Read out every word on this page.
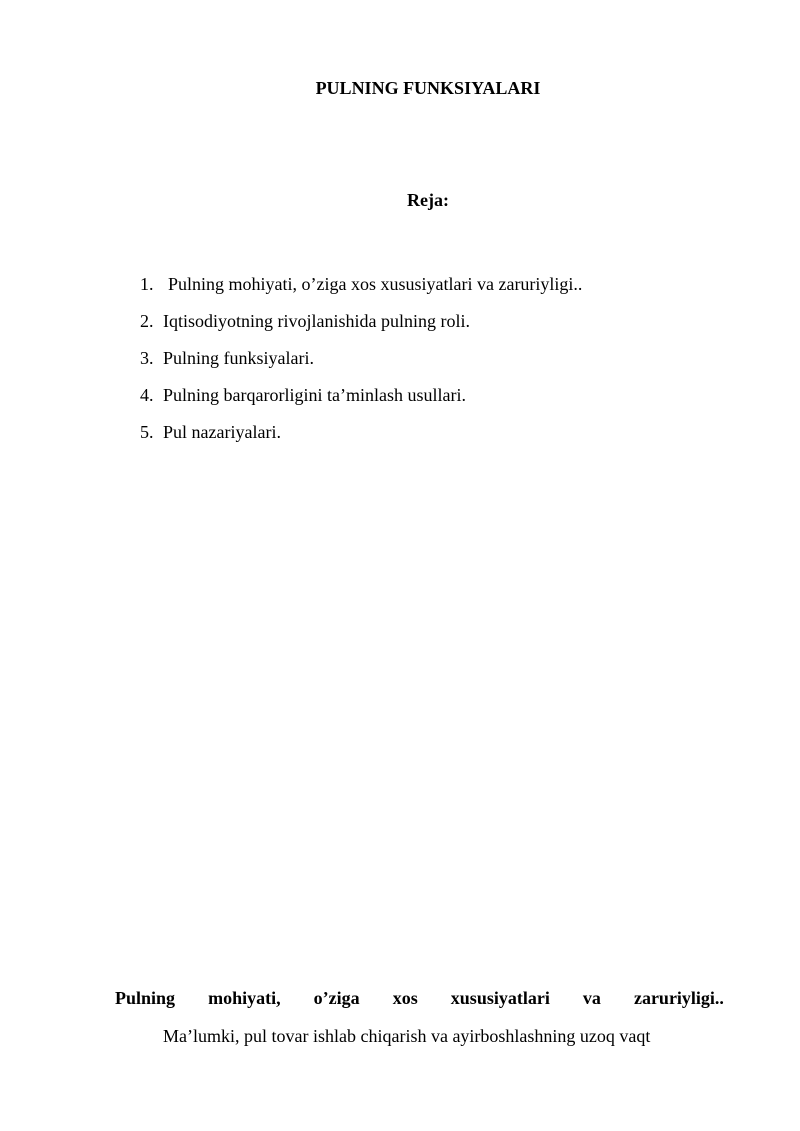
PULNING FUNKSIYALARI
Reja:
1. Pulning mohiyati, o’ziga xos xususiyatlari va zaruriyligi..
2. Iqtisodiyotning rivojlanishida pulning roli.
3. Pulning funksiyalari.
4. Pulning barqarorligini ta’minlash usullari.
5. Pul nazariyalari.
Pulning mohiyati, o’ziga xos xususiyatlari va zaruriyligi..
Ma’lumki, pul tovar ishlab chiqarish va ayirboshlashning uzoq vaqt
